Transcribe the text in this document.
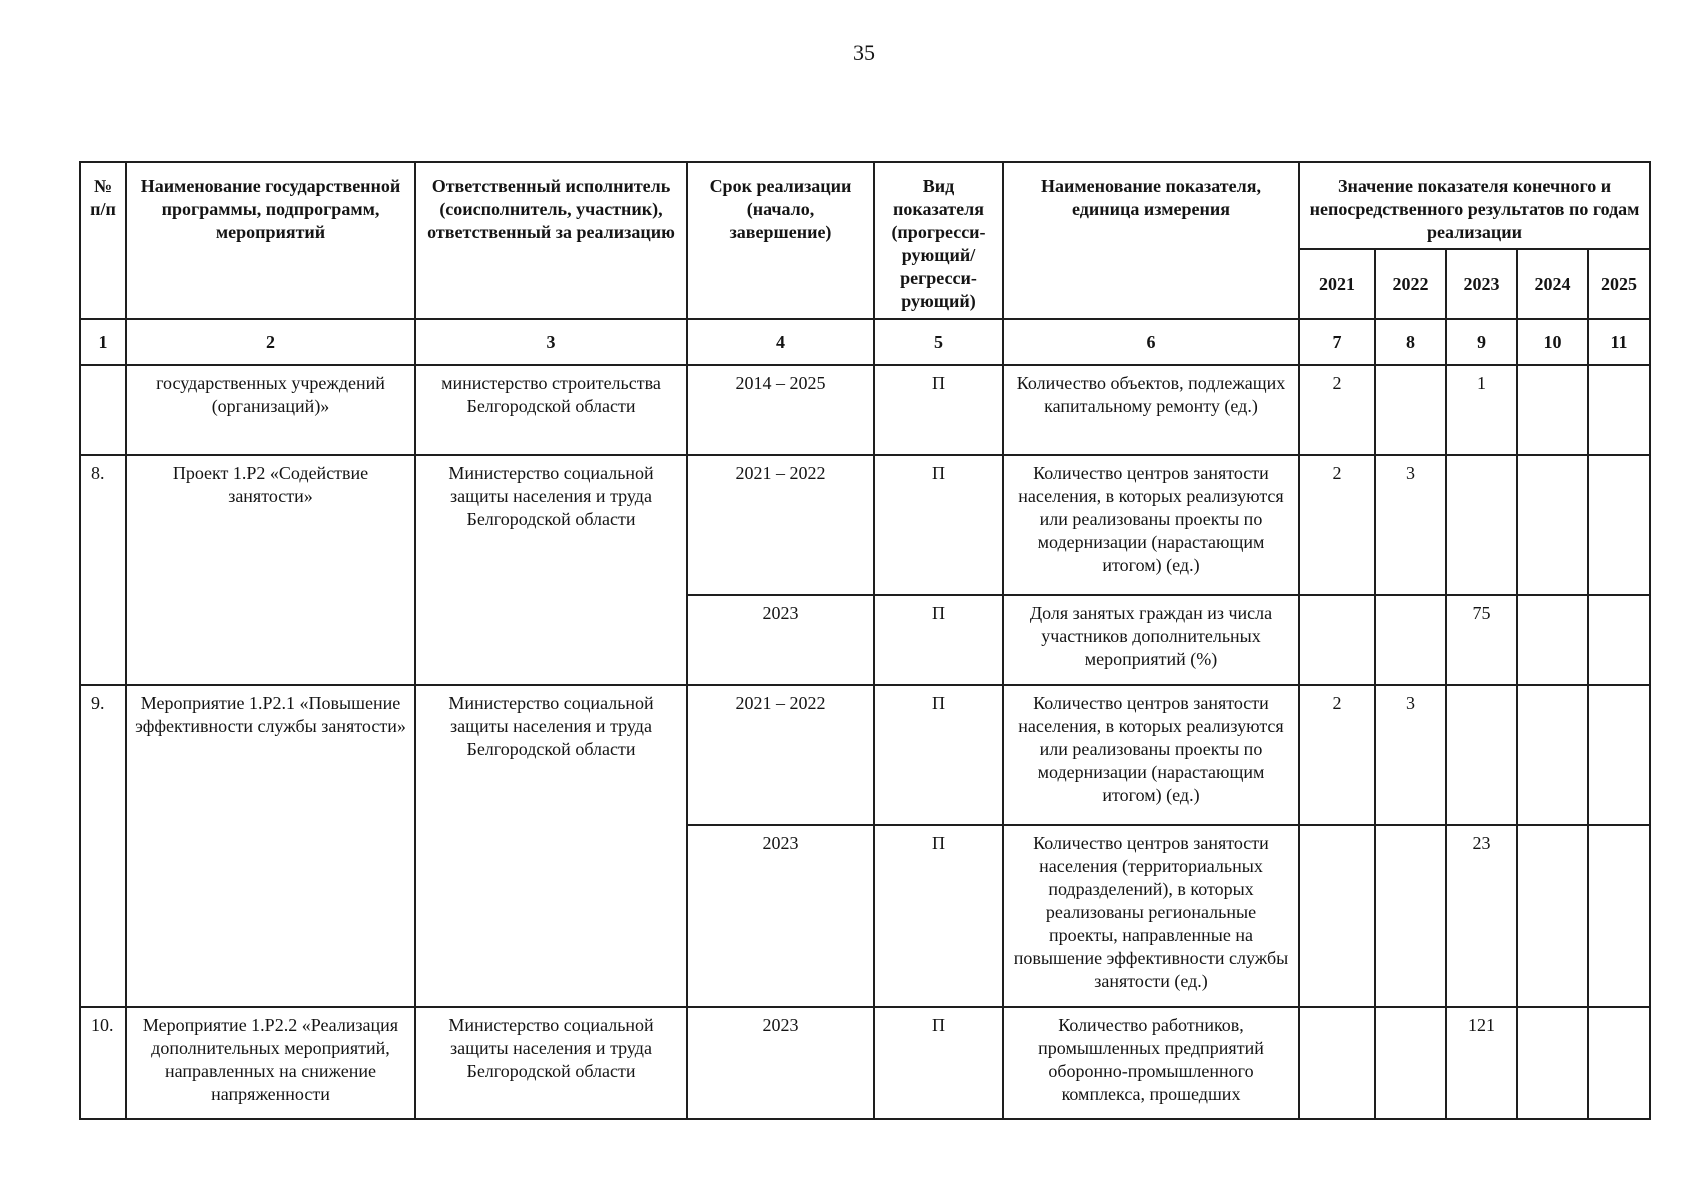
35
№ п/п	Наименование государственной программы, подпрограмм, мероприятий	Ответственный исполнитель (соисполнитель, участник), ответственный за реализацию	Срок реализации (начало, завершение)	Вид показателя (прогресси-рующий/ регресси-рующий)	Наименование показателя, единица измерения	Значение показателя конечного и непосредственного результатов по годам реализации				
						2021	2022	2023	2024	2025
1	2	3	4	5	6	7	8	9	10	11
	государственных учреждений (организаций)»	министерство строительства Белгородской области	2014 – 2025	П	Количество объектов, подлежащих капитальному ремонту (ед.)	2		1		
8.	Проект 1.Р2 «Содействие занятости»	Министерство социальной защиты населения и труда Белгородской области	2021 – 2022	П	Количество центров занятости населения, в которых реализуются или реализованы проекты по модернизации (нарастающим итогом) (ед.)	2	3			
			2023	П	Доля занятых граждан из числа участников дополнительных мероприятий (%)			75		
9.	Мероприятие 1.Р2.1 «Повышение эффективности службы занятости»	Министерство социальной защиты населения и труда Белгородской области	2021 – 2022	П	Количество центров занятости населения, в которых реализуются или реализованы проекты по модернизации (нарастающим итогом) (ед.)	2	3			
			2023	П	Количество центров занятости населения (территориальных подразделений), в которых реализованы региональные проекты, направленные на повышение эффективности службы занятости (ед.)			23		
10.	Мероприятие 1.Р2.2 «Реализация дополнительных мероприятий, направленных на снижение напряженности	Министерство социальной защиты населения и труда Белгородской области	2023	П	Количество работников, промышленных предприятий оборонно-промышленного комплекса, прошедших			121		
